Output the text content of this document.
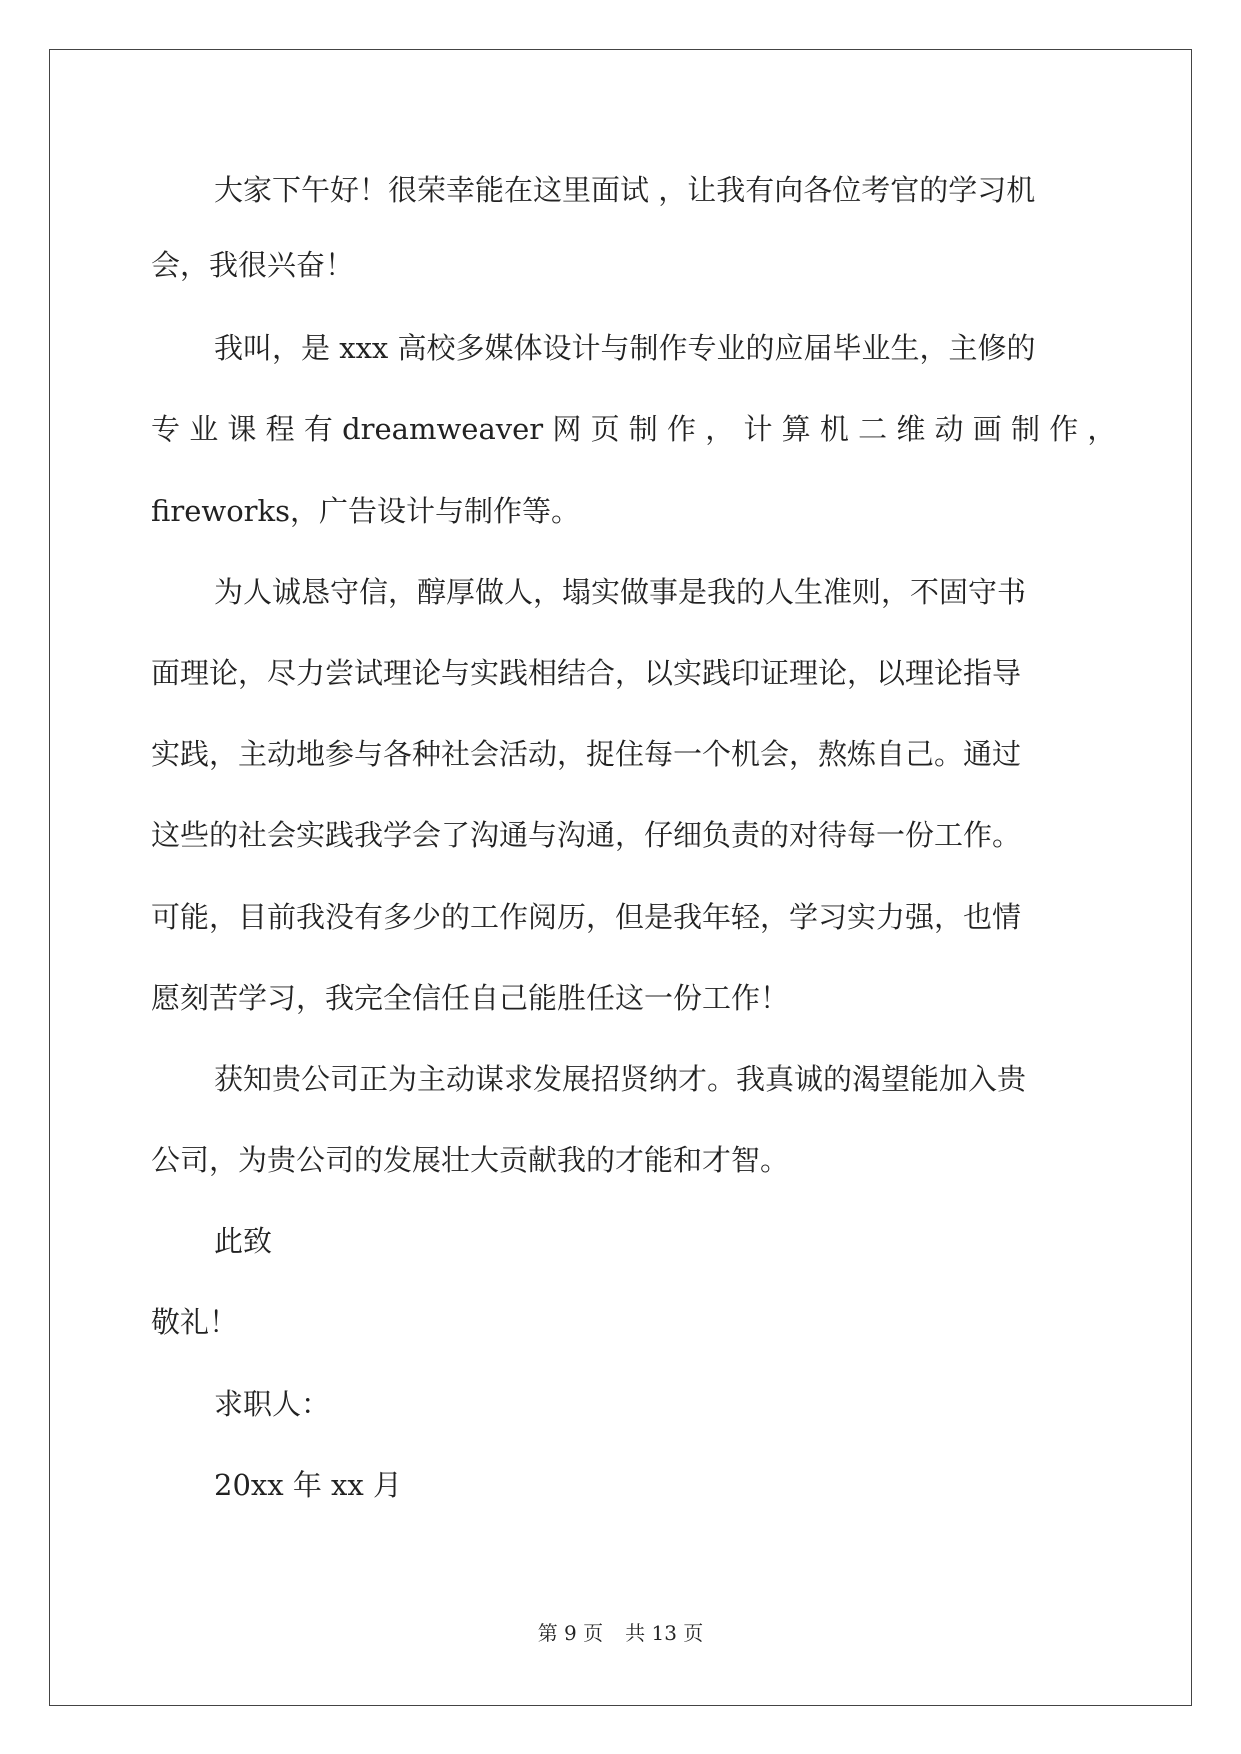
大家下午好！很荣幸能在这里面试 ，让我有向各位考官的学习机
会，我很兴奋！
我叫，是 xxx 高校多媒体设计与制作专业的应届毕业生，主修的
专 业 课 程 有 dreamweaver 网 页 制 作 ， 计 算 机 二 维 动 画 制 作 ，
fireworks，广告设计与制作等。
为人诚恳守信，醇厚做人，塌实做事是我的人生准则，不固守书
面理论，尽力尝试理论与实践相结合，以实践印证理论，以理论指导
实践，主动地参与各种社会活动，捉住每一个机会，熬炼自己。通过
这些的社会实践我学会了沟通与沟通，仔细负责的对待每一份工作。
可能，目前我没有多少的工作阅历，但是我年轻，学习实力强，也情
愿刻苦学习，我完全信任自己能胜任这一份工作！
获知贵公司正为主动谋求发展招贤纳才。我真诚的渴望能加入贵
公司，为贵公司的发展壮大贡献我的才能和才智。
此致
敬礼！
求职人：
20xx 年 xx 月
第 9 页 共 13 页
